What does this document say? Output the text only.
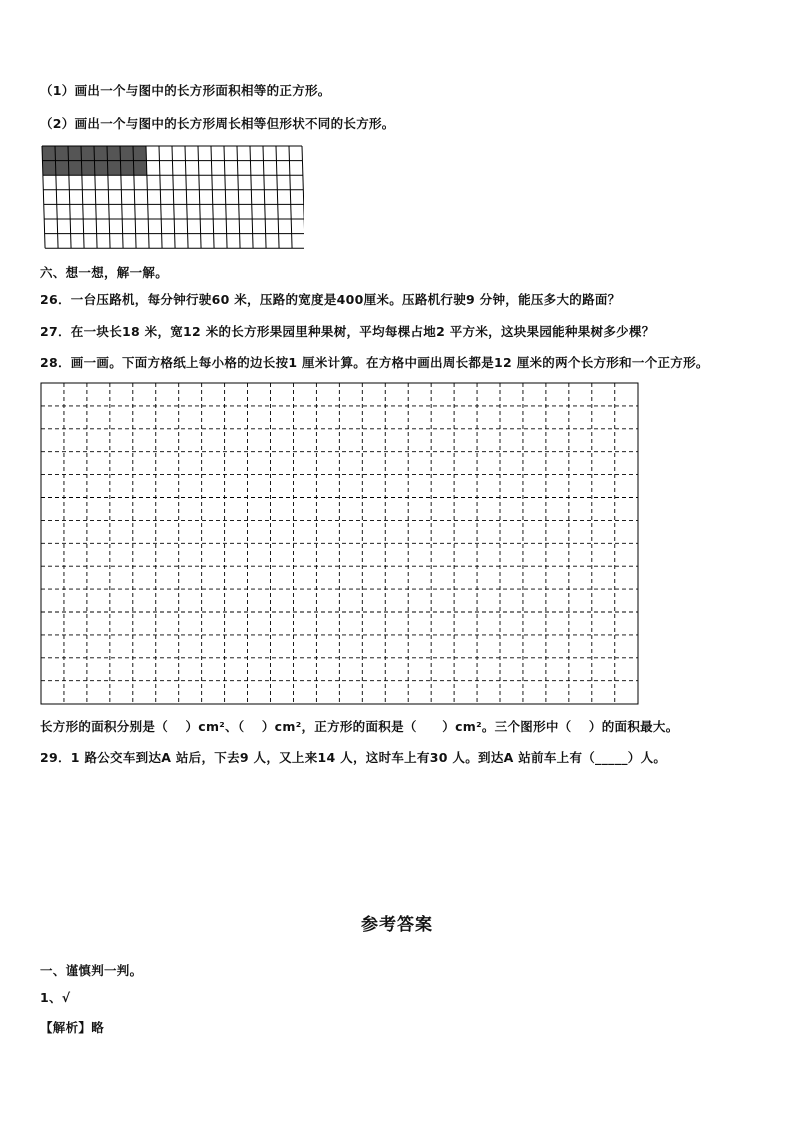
（1）画出一个与图中的长方形面积相等的正方形。
（2）画出一个与图中的长方形周长相等但形状不同的长方形。
六、想一想，解一解。
26．一台压路机，每分钟行驶60 米，压路的宽度是400厘米。压路机行驶9 分钟，能压多大的路面？
27．在一块长18 米，宽12 米的长方形果园里种果树，平均每棵占地2 平方米，这块果园能种果树多少棵？
28．画一画。下面方格纸上每小格的边长按1 厘米计算。在方格中画出周长都是12 厘米的两个长方形和一个正方形。
长方形的面积分别是（　 ）cm²、（　 ）cm²，正方形的面积是（　　）cm²。三个图形中（　 ）的面积最大。
29．1 路公交车到达A 站后，下去9 人，又上来14 人，这时车上有30 人。到达A 站前车上有（_____）人。
参考答案
一、谨慎判一判。
1、√
【解析】略
